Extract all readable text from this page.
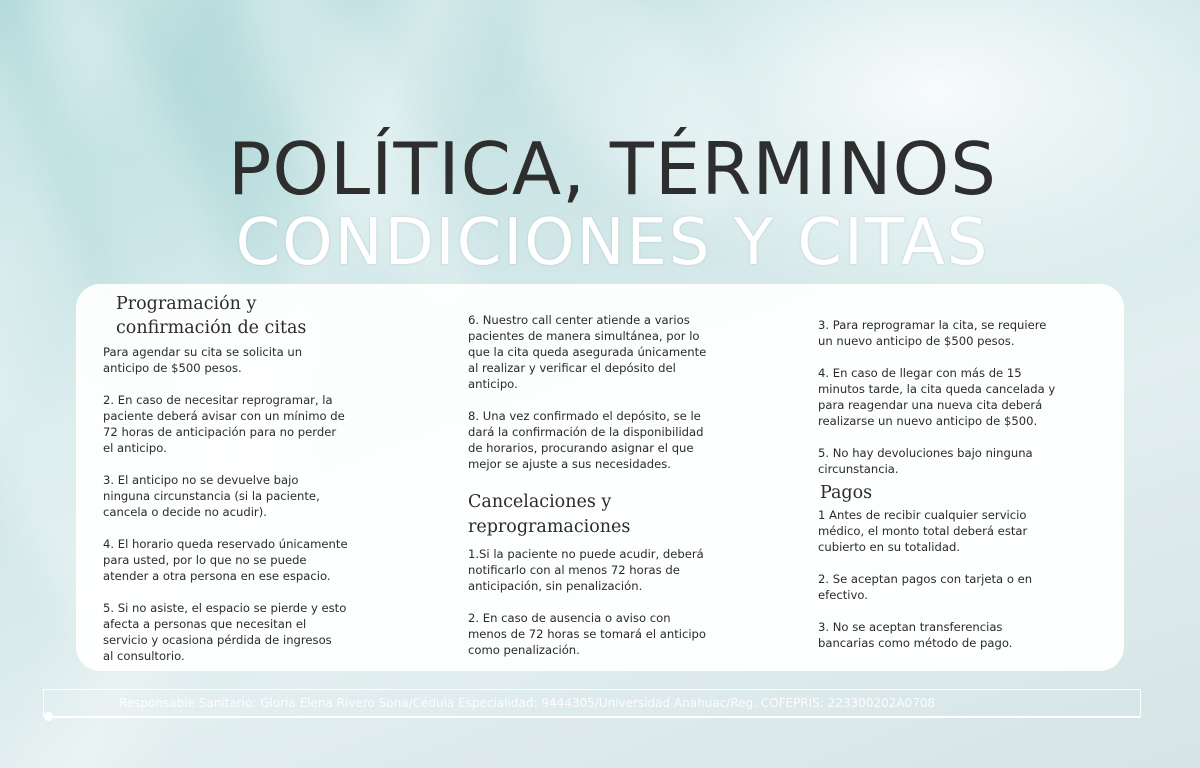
POLÍTICA, TÉRMINOS
CONDICIONES Y CITAS
Programación y
confirmación de citas

Para agendar su cita se solicita un
anticipo de $500 pesos.

2. En caso de necesitar reprogramar, la
paciente deberá avisar con un mínimo de
72 horas de anticipación para no perder
el anticipo.

3. El anticipo no se devuelve bajo
ninguna circunstancia (si la paciente,
cancela o decide no acudir).

4. El horario queda reservado únicamente
para usted, por lo que no se puede
atender a otra persona en ese espacio.

5. Si no asiste, el espacio se pierde y esto
afecta a personas que necesitan el
servicio y ocasiona pérdida de ingresos
al consultorio.

6. Nuestro call center atiende a varios
pacientes de manera simultánea, por lo
que la cita queda asegurada únicamente
al realizar y verificar el depósito del
anticipo.

8. Una vez confirmado el depósito, se le
dará la confirmación de la disponibilidad
de horarios, procurando asignar el que
mejor se ajuste a sus necesidades.

Cancelaciones y
reprogramaciones

1.Si la paciente no puede acudir, deberá
notificarlo con al menos 72 horas de
anticipación, sin penalización.

2. En caso de ausencia o aviso con
menos de 72 horas se tomará el anticipo
como penalización.

3. Para reprogramar la cita, se requiere
un nuevo anticipo de $500 pesos.

4. En caso de llegar con más de 15
minutos tarde, la cita queda cancelada y
para reagendar una nueva cita deberá
realizarse un nuevo anticipo de $500.

5. No hay devoluciones bajo ninguna
circunstancia.

Pagos

1 Antes de recibir cualquier servicio
médico, el monto total deberá estar
cubierto en su totalidad.

2. Se aceptan pagos con tarjeta o en
efectivo.

3. No se aceptan transferencias
bancarias como método de pago.

Responsable Sanitario: Gloria Elena Rivero Sona/Cédula Especialidad: 9444305/Universidad Anahuac/Reg. COFEPRIS: 223300202A0708
